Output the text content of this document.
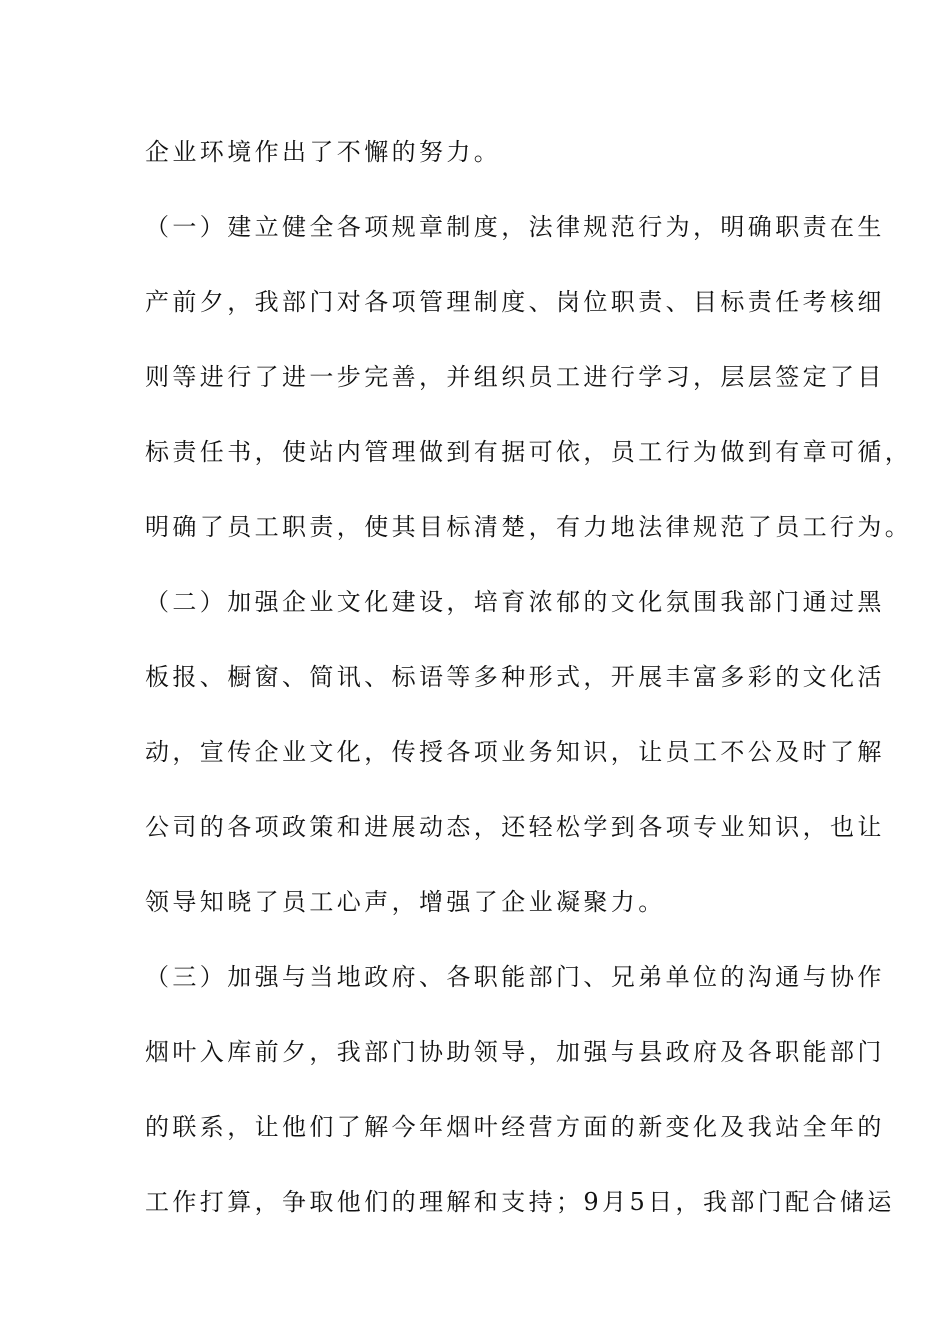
企业环境作出了不懈的努力。
（一）建立健全各项规章制度，法律规范行为，明确职责在生
产前夕，我部门对各项管理制度、岗位职责、目标责任考核细
则等进行了进一步完善，并组织员工进行学习，层层签定了目
标责任书，使站内管理做到有据可依，员工行为做到有章可循，
明确了员工职责，使其目标清楚，有力地法律规范了员工行为。
（二）加强企业文化建设，培育浓郁的文化氛围我部门通过黑
板报、橱窗、简讯、标语等多种形式，开展丰富多彩的文化活
动，宣传企业文化，传授各项业务知识，让员工不公及时了解
公司的各项政策和进展动态，还轻松学到各项专业知识，也让
领导知晓了员工心声，增强了企业凝聚力。
（三）加强与当地政府、各职能部门、兄弟单位的沟通与协作
烟叶入库前夕，我部门协助领导，加强与县政府及各职能部门
的联系，让他们了解今年烟叶经营方面的新变化及我站全年的
工作打算，争取他们的理解和支持；9月5日，我部门配合储运
